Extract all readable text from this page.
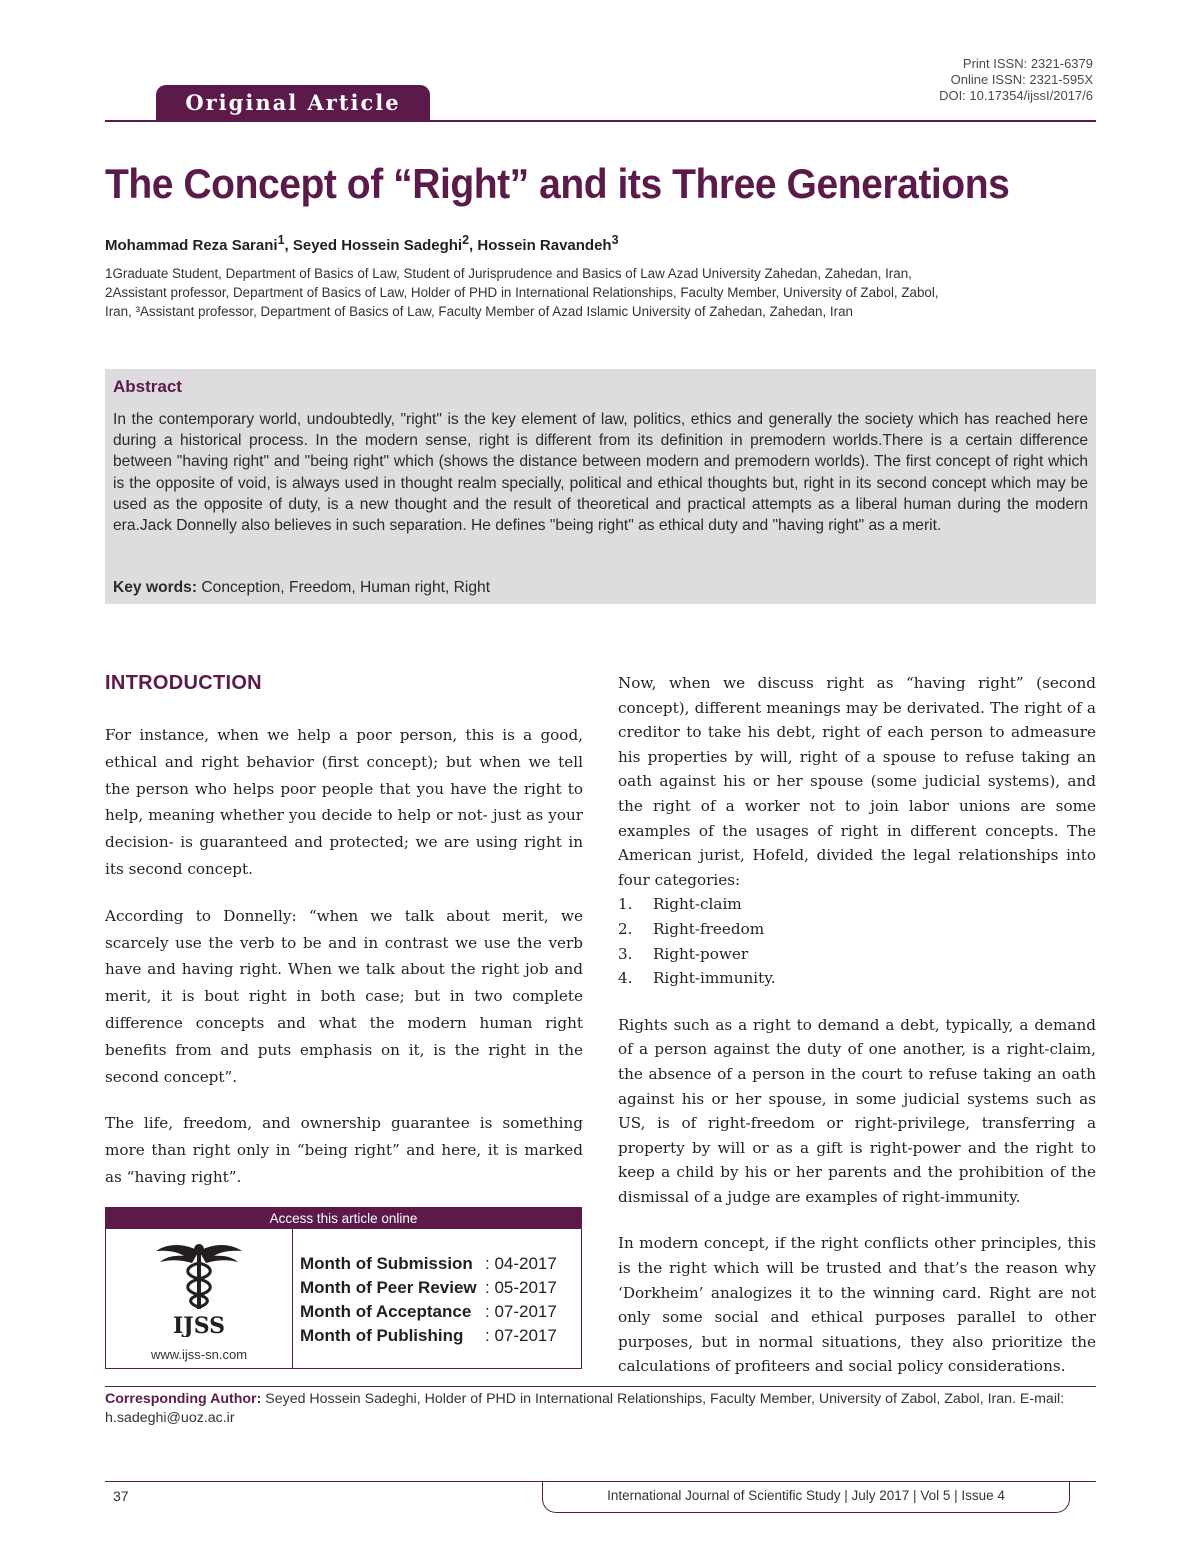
Print ISSN: 2321-6379
Online ISSN: 2321-595X
DOI: 10.17354/ijssI/2017/6
Original Article
The Concept of “Right” and its Three Generations
Mohammad Reza Sarani$^1$, Seyed Hossein Sadeghi$^2$, Hossein Ravandeh$^3$
1Graduate Student, Department of Basics of Law, Student of Jurisprudence and Basics of Law Azad University Zahedan, Zahedan, Iran,
2Assistant professor, Department of Basics of Law, Holder of PHD in International Relationships, Faculty Member, University of Zabol, Zabol,
Iran, ³Assistant professor, Department of Basics of Law, Faculty Member of Azad Islamic University of Zahedan, Zahedan, Iran
Abstract

In the contemporary world, undoubtedly, "right" is the key element of law, politics, ethics and generally the society which has reached here during a historical process. In the modern sense, right is different from its definition in premodern worlds.There is a certain difference between "having right" and "being right" which (shows the distance between modern and premodern worlds). The first concept of right which is the opposite of void, is always used in thought realm specially, political and ethical thoughts but, right in its second concept which may be used as the opposite of duty, is a new thought and the result of theoretical and practical attempts as a liberal human during the modern era.Jack Donnelly also believes in such separation. He defines "being right" as ethical duty and "having right" as a merit.

Key words: Conception, Freedom, Human right, Right
INTRODUCTION

For instance, when we help a poor person, this is a good, ethical and right behavior (first concept); but when we tell the person who helps poor people that you have the right to help, meaning whether you decide to help or not- just as your decision- is guaranteed and protected; we are using right in its second concept.

According to Donnelly: “when we talk about merit, we scarcely use the verb to be and in contrast we use the verb have and having right. When we talk about the right job and merit, it is bout right in both case; but in two complete difference concepts and what the modern human right benefits from and puts emphasis on it, is the right in the second concept”.

The life, freedom, and ownership guarantee is something more than right only in “being right” and here, it is marked as “having right”.

Access this article online
IJSS
www.ijss-sn.com
Month of Submission : 04-2017
Month of Peer Review : 05-2017
Month of Acceptance : 07-2017
Month of Publishing : 07-2017

Now, when we discuss right as “having right” (second concept), different meanings may be derivated. The right of a creditor to take his debt, right of each person to admeasure his properties by will, right of a spouse to refuse taking an oath against his or her spouse (some judicial systems), and the right of a worker not to join labor unions are some examples of the usages of right in different concepts. The American jurist, Hofeld, divided the legal relationships into four categories:

1. Right-claim
2. Right-freedom
3. Right-power
4. Right-immunity.

Rights such as a right to demand a debt, typically, a demand of a person against the duty of one another, is a right-claim, the absence of a person in the court to refuse taking an oath against his or her spouse, in some judicial systems such as US, is of right-freedom or right-privilege, transferring a property by will or as a gift is right-power and the right to keep a child by his or her parents and the prohibition of the dismissal of a judge are examples of right-immunity.

In modern concept, if the right conflicts other principles, this is the right which will be trusted and that’s the reason why ‘Dorkheim’ analogizes it to the winning card. Right are not only some social and ethical purposes parallel to other purposes, but in normal situations, they also prioritize the calculations of profiteers and social policy considerations.

Corresponding Author: Seyed Hossein Sadeghi, Holder of PHD in International Relationships, Faculty Member, University of Zabol, Zabol, Iran. E-mail: h.sadeghi@uoz.ac.ir
37	International Journal of Scientific Study | July 2017 | Vol 5 | Issue 4
